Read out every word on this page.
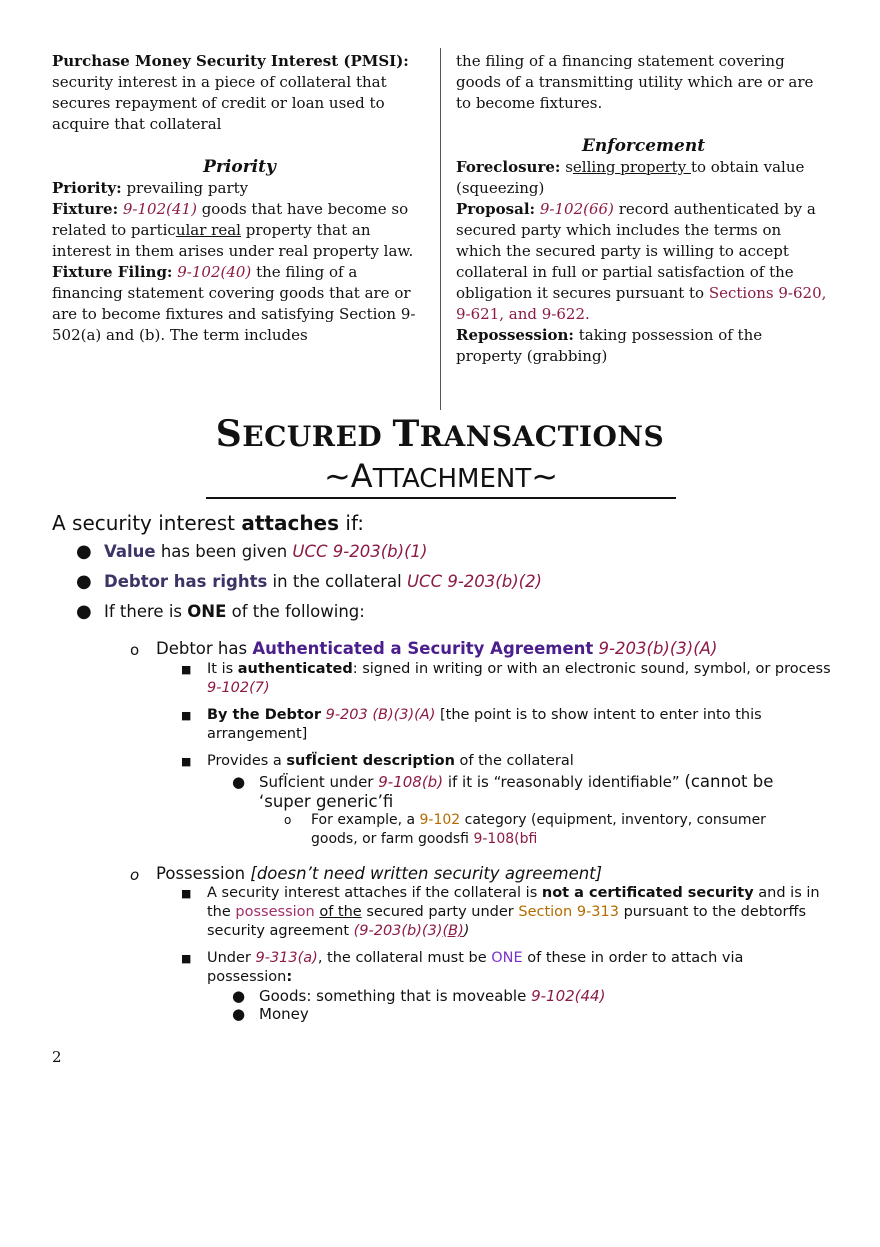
Purchase Money Security Interest (PMSI): security interest in a piece of collateral that secures repayment of credit or loan used to acquire that collateral

Priority

Priority: prevailing party

Fixture: 9-102(41) goods that have become so related to particular real property that an interest in them arises under real property law.

Fixture Filing: 9-102(40) the filing of a financing statement covering goods that are or are to become fixtures and satisfying Section 9-502(a) and (b). The term includes

the filing of a financing statement covering goods of a transmitting utility which are or are to become fixtures.

Enforcement

Foreclosure: selling property to obtain value (squeezing)

Proposal: 9-102(66) record authenticated by a secured party which includes the terms on which the secured party is willing to accept collateral in full or partial satisfaction of the obligation it secures pursuant to Sections 9-620, 9-621, and 9-622.

Repossession: taking possession of the property (grabbing)

SECURED TRANSACTIONS
~ATTACHMENT~
A security interest attaches if:
● Value has been given UCC 9-203(b)(1)
● Debtor has rights in the collateral UCC 9-203(b)(2)
● If there is ONE of the following:
o Debtor has Authenticated a Security Agreement 9-203(b)(3)(A)
■ It is authenticated: signed in writing or with an electronic sound, symbol, or process 9-102(7)
■ By the Debtor 9-203 (B)(3)(A) [the point is to show intent to enter into this arrangement]
■ Provides a sufÏcient description of the collateral
● SufÏcient under 9-108(b) if it is “reasonably identifiable” (cannot be ‘super generic’ﬁ
o For example, a 9-102 category (equipment, inventory, consumer goods, or farm goodsﬁ 9-108(bﬁ
o Possession [doesn’t need written security agreement]
■ A security interest attaches if the collateral is not a certificated security and is in the possession of the secured party under Section 9-313 pursuant to the debtorﬀs security agreement (9-203(b)(3)(B))
■ Under 9-313(a), the collateral must be ONE of these in order to attach via possession:
● Goods: something that is moveable 9-102(44)
● Money
2
